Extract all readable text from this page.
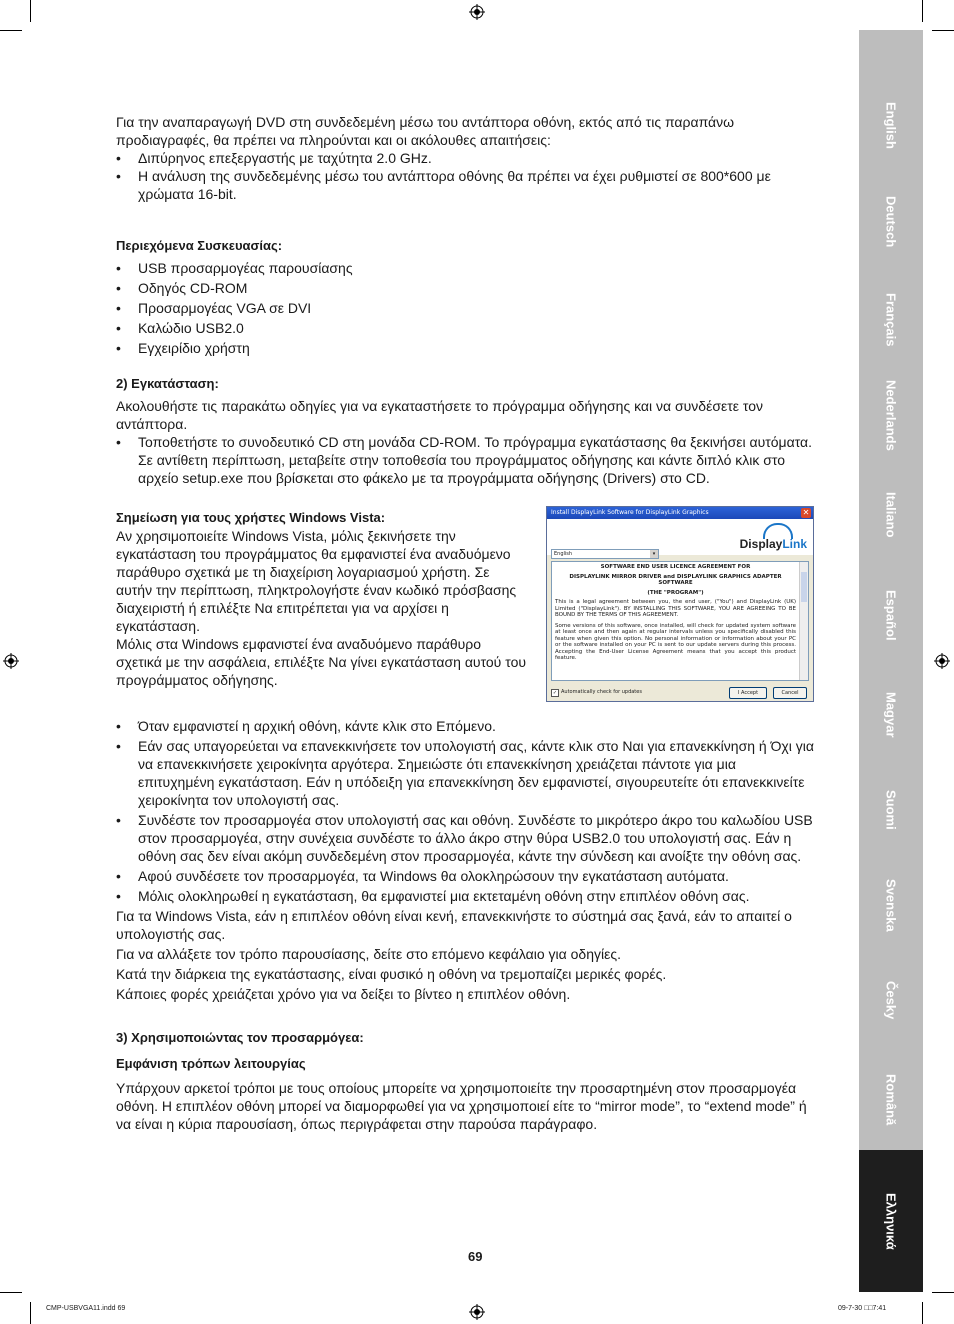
English
Deutsch
Français
Nederlands
Italiano
Español
Magyar
Suomi
Svenska
Česky
Română
Ελληνικά

Για την αναπαραγωγή DVD στη συνδεδεμένη μέσω του αντάπτορα οθόνη, εκτός από τις παραπάνω προδιαγραφές, θα πρέπει να πληρούνται και οι ακόλουθες απαιτήσεις:

• Διπύρηνος επεξεργαστής με ταχύτητα 2.0 GHz.
• Η ανάλυση της συνδεδεμένης μέσω του αντάπτορα οθόνης θα πρέπει να έχει ρυθμιστεί σε 800*600 με χρώματα 16-bit.
Περιεχόμενα Συσκευασίας:
• USB προσαρμογέας παρουσίασης
• Οδηγός CD-ROM
• Προσαρμογέας VGA σε DVI
• Καλώδιο USB2.0
• Εγχειρίδιο χρήστη
2) Εγκατάσταση:

Ακολουθήστε τις παρακάτω οδηγίες για να εγκαταστήσετε το πρόγραμμα οδήγησης και να συνδέσετε τον αντάπτορα.

• Τοποθετήστε το συνοδευτικό CD στη μονάδα CD-ROM. Το πρόγραμμα εγκατάστασης θα ξεκινήσει αυτόματα. Σε αντίθετη περίπτωση, μεταβείτε στην τοποθεσία του προγράμματος οδήγησης και κάντε διπλό κλικ στο αρχείο setup.exe που βρίσκεται στο φάκελο με τα προγράμματα οδήγησης (Drivers) στο CD.
Σημείωση για τους χρήστες Windows Vista:

Αν χρησιμοποιείτε Windows Vista, μόλις ξεκινήσετε την εγκατάσταση του προγράμματος θα εμφανιστεί ένα αναδυόμενο παράθυρο σχετικά με τη διαχείριση λογαριασμού χρήστη. Σε αυτήν την περίπτωση, πληκτρολογήστε έναν κωδικό πρόσβασης διαχειριστή ή επιλέξτε Να επιτρέπεται για να αρχίσει η εγκατάσταση.

Μόλις στα Windows εμφανιστεί ένα αναδυόμενο παράθυρο σχετικά με την ασφάλεια, επιλέξτε Να γίνει εγκατάσταση αυτού του προγράμματος οδήγησης.

• Όταν εμφανιστεί η αρχική οθόνη, κάντε κλικ στο Επόμενο.
• Εάν σας υπαγορεύεται να επανεκκινήσετε τον υπολογιστή σας, κάντε κλικ στο Ναι για επανεκκίνηση ή Όχι για να επανεκκινήσετε χειροκίνητα αργότερα. Σημειώστε ότι επανεκκίνηση χρειάζεται πάντοτε για μια επιτυχημένη εγκατάσταση. Εάν η υπόδειξη για επανεκκίνηση δεν εμφανιστεί, σιγουρευτείτε ότι επανεκκινείτε χειροκίνητα τον υπολογιστή σας.
• Συνδέστε τον προσαρμογέα στον υπολογιστή σας και οθόνη. Συνδέστε το μικρότερο άκρο του καλωδίου USB στον προσαρμογέα, στην συνέχεια συνδέστε το άλλο άκρο στην θύρα USB2.0 του υπολογιστή σας. Εάν η οθόνη σας δεν είναι ακόμη συνδεδεμένη στον προσαρμογέα, κάντε την σύνδεση και ανοίξτε την οθόνη σας.
• Αφού συνδέσετε τον προσαρμογέα, τα Windows θα ολοκληρώσουν την εγκατάσταση αυτόματα.
• Μόλις ολοκληρωθεί η εγκατάσταση, θα εμφανιστεί μια εκτεταμένη οθόνη στην επιπλέον οθόνη σας.

Για τα Windows Vista, εάν η επιπλέον οθόνη είναι κενή, επανεκκινήστε το σύστημά σας ξανά, εάν το απαιτεί ο υπολογιστής σας.

Για να αλλάξετε τον τρόπο παρουσίασης, δείτε στο επόμενο κεφάλαιο για οδηγίες.

Κατά την διάρκεια της εγκατάστασης, είναι φυσικό η οθόνη να τρεμοπαίζει μερικές φορές.

Κάποιες φορές χρειάζεται χρόνο για να δείξει το βίντεο η επιπλέον οθόνη.

3) Χρησιμοποιώντας τον προσαρμόγεα:
Εμφάνιση τρόπων λειτουργίας

Υπάρχουν αρκετοί τρόποι με τους οποίους μπορείτε να χρησιμοποιείτε την προσαρτημένη στον προσαρμογέα οθόνη. Η επιπλέον οθόνη μπορεί να διαμορφωθεί για να χρησιμοποιεί είτε το “mirror mode”, το “extend mode” ή να είναι η κύρια παρουσίαση, όπως περιγράφεται στην παρούσα παράγραφο.

Install DisplayLink Software for DisplayLink Graphics	✕
DisplayLink
English	▾
SOFTWARE END USER LICENCE AGREEMENT FOR
DISPLAYLINK MIRROR DRIVER and DISPLAYLINK GRAPHICS ADAPTER SOFTWARE
(THE "PROGRAM")

This is a legal agreement between you, the end user, ("You") and DisplayLink (UK) Limited ("DisplayLink"). BY INSTALLING THIS SOFTWARE, YOU ARE AGREEING TO BE BOUND BY THE TERMS OF THIS AGREEMENT.

Some versions of this software, once installed, will check for updated system software at least once and then again at regular intervals unless you specifically disabled this feature when given this option. No personal information or information about your PC or the software installed on your PC is sent to our update servers during this process. Accepting the End-User License Agreement means that you accept this product feature.

✓ Automatically check for updates	I Accept	Cancel
69
CMP-USBVGA11.indd 69	09-7-30 □□7:41
